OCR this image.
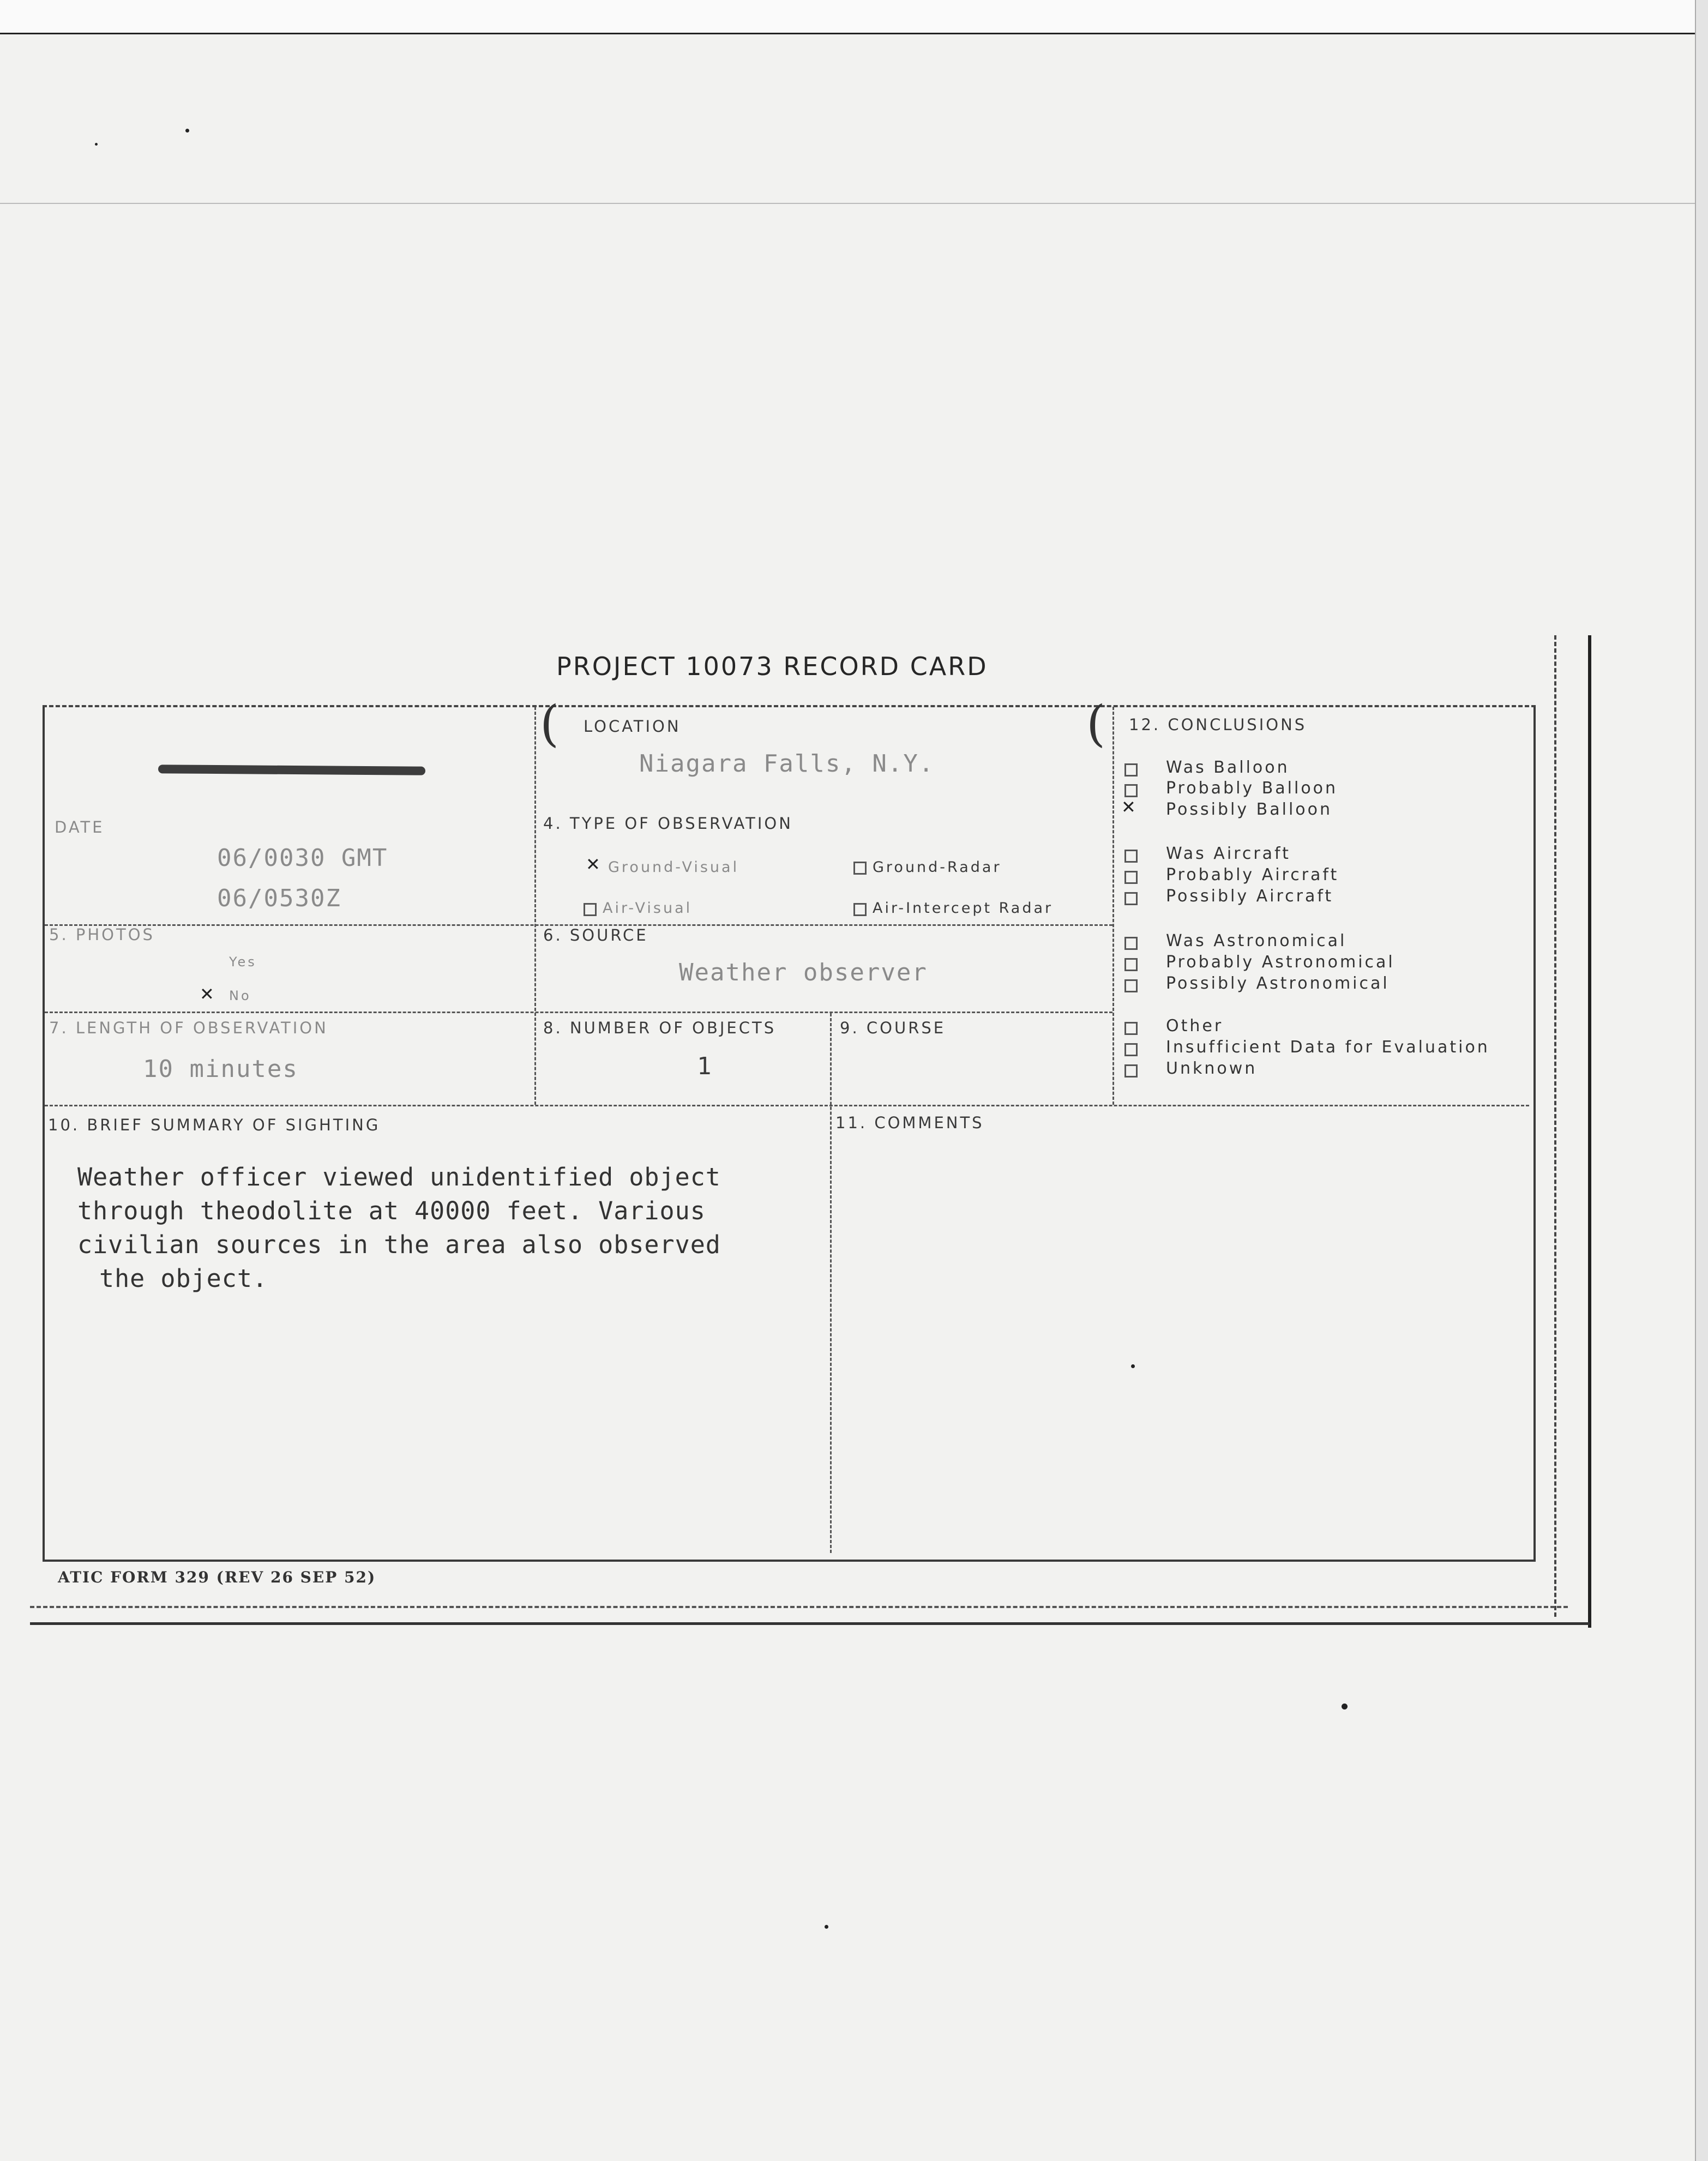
PROJECT 10073 RECORD CARD
(	(
DATE
06/0030 GMT
06/0530Z
LOCATION
Niagara Falls, N.Y.
4. TYPE OF OBSERVATION
✕
Ground-Visual	Ground-Radar
Air-Visual	Air-Intercept Radar
5. PHOTOS
Yes
✕
No
6. SOURCE
Weather observer
7. LENGTH OF OBSERVATION
10 minutes
8. NUMBER OF OBJECTS
1
9. COURSE
10. BRIEF SUMMARY OF SIGHTING
Weather officer viewed unidentified object
through theodolite at 40000 feet. Various
civilian sources in the area also observed
the object.
11. COMMENTS
12. CONCLUSIONS
Was Balloon
Probably Balloon
✕
Possibly Balloon
Was Aircraft
Probably Aircraft
Possibly Aircraft
Was Astronomical
Probably Astronomical
Possibly Astronomical
Other
Insufficient Data for Evaluation
Unknown
ATIC FORM 329 (REV 26 SEP 52)
